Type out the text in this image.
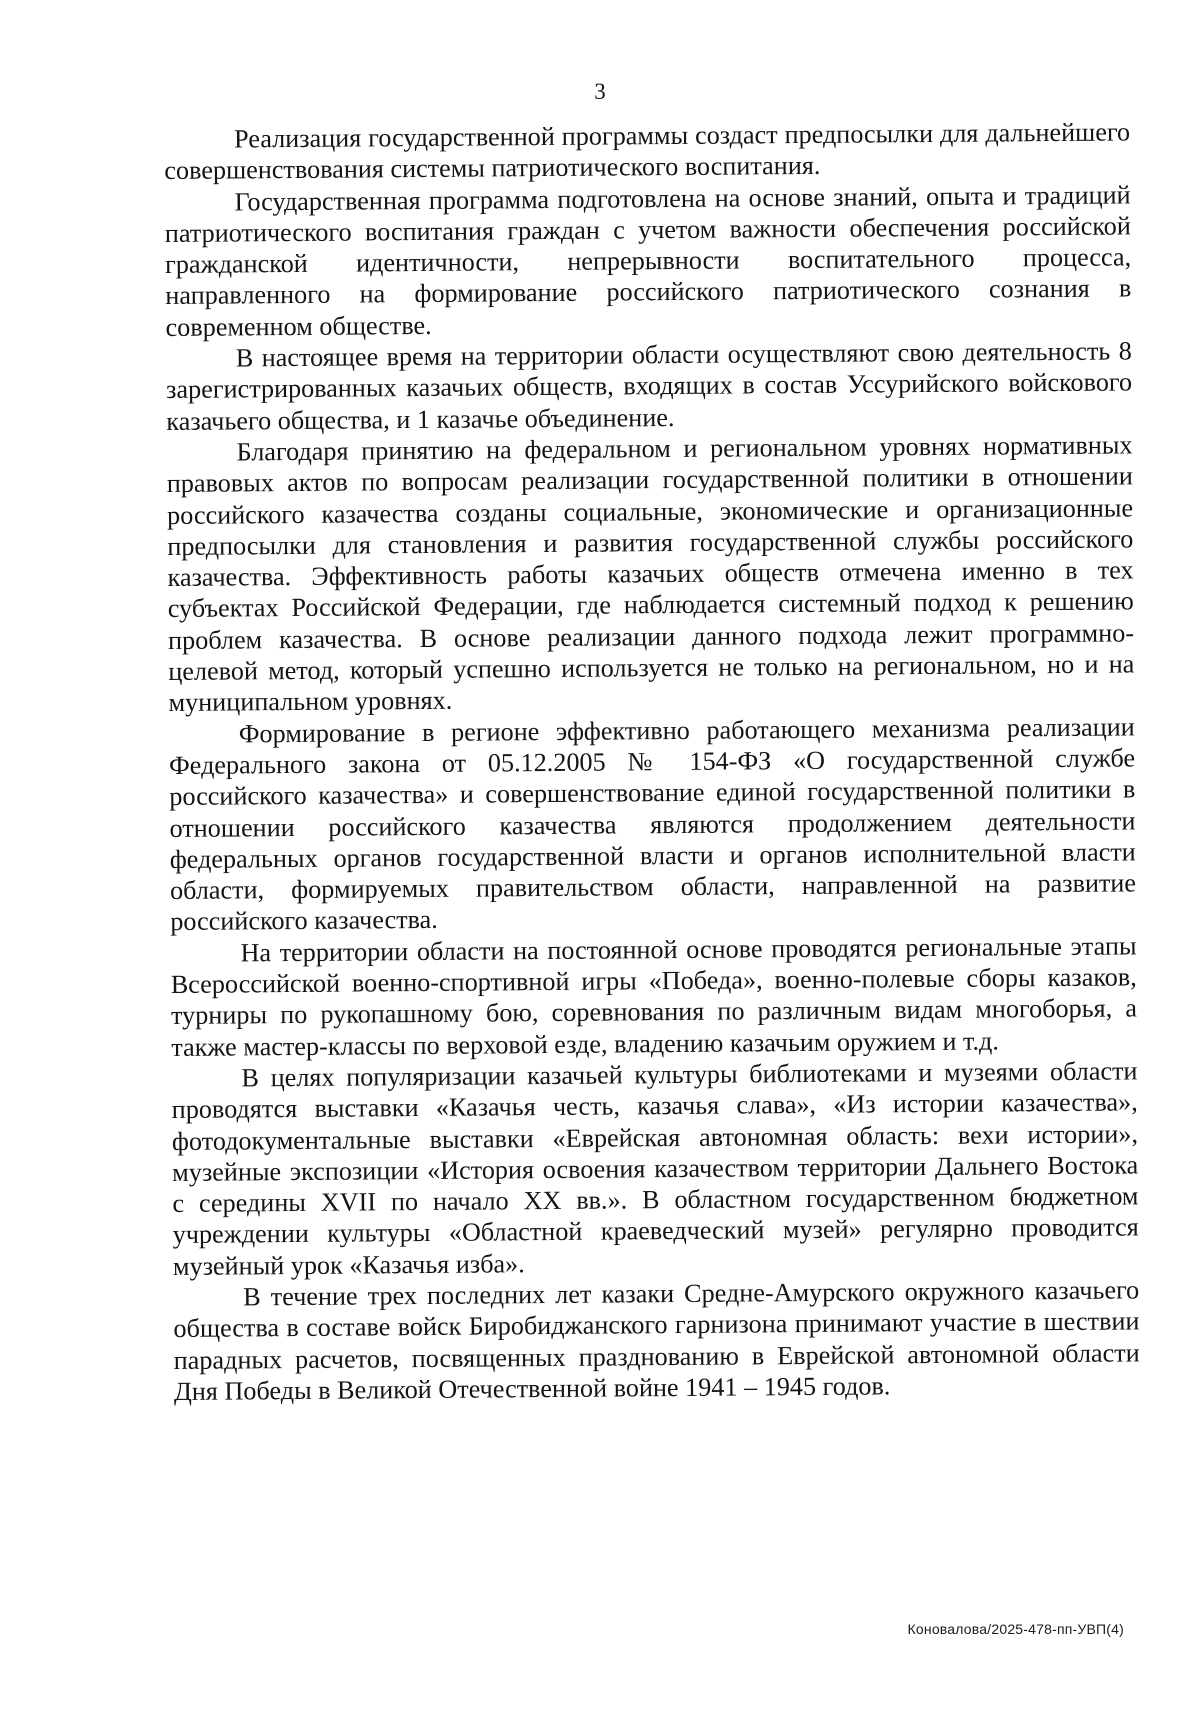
3

Реализация государственной программы создаст предпосылки для дальнейшего совершенствования системы патриотического воспитания.

Государственная программа подготовлена на основе знаний, опыта и традиций патриотического воспитания граждан с учетом важности обеспечения российской гражданской идентичности, непрерывности воспитательного процесса, направленного на формирование российского патриотического сознания в современном обществе.

В настоящее время на территории области осуществляют свою деятельность 8 зарегистрированных казачьих обществ, входящих в состав Уссурийского войскового казачьего общества, и 1 казачье объединение.

Благодаря принятию на федеральном и региональном уровнях нормативных правовых актов по вопросам реализации государственной политики в отношении российского казачества созданы социальные, экономические и организационные предпосылки для становления и развития государственной службы российского казачества. Эффективность работы казачьих обществ отмечена именно в тех субъектах Российской Федерации, где наблюдается системный подход к решению проблем казачества. В основе реализации данного подхода лежит программно-целевой метод, который успешно используется не только на региональном, но и на муниципальном уровнях.

Формирование в регионе эффективно работающего механизма реализации Федерального закона от 05.12.2005 № 154-ФЗ «О государственной службе российского казачества» и совершенствование единой государственной политики в отношении российского казачества являются продолжением деятельности федеральных органов государственной власти и органов исполнительной власти области, формируемых правительством области, направленной на развитие российского казачества.

На территории области на постоянной основе проводятся региональные этапы Всероссийской военно-спортивной игры «Победа», военно-полевые сборы казаков, турниры по рукопашному бою, соревнования по различным видам многоборья, а также мастер-классы по верховой езде, владению казачьим оружием и т.д.

В целях популяризации казачьей культуры библиотеками и музеями области проводятся выставки «Казачья честь, казачья слава», «Из истории казачества», фотодокументальные выставки «Еврейская автономная область: вехи истории», музейные экспозиции «История освоения казачеством территории Дальнего Востока с середины XVII по начало XX вв.». В областном государственном бюджетном учреждении культуры «Областной краеведческий музей» регулярно проводится музейный урок «Казачья изба».

В течение трех последних лет казаки Средне-Амурского окружного казачьего общества в составе войск Биробиджанского гарнизона принимают участие в шествии парадных расчетов, посвященных празднованию в Еврейской автономной области Дня Победы в Великой Отечественной войне 1941 – 1945 годов.

Коновалова/2025-478-пп-УВП(4)
